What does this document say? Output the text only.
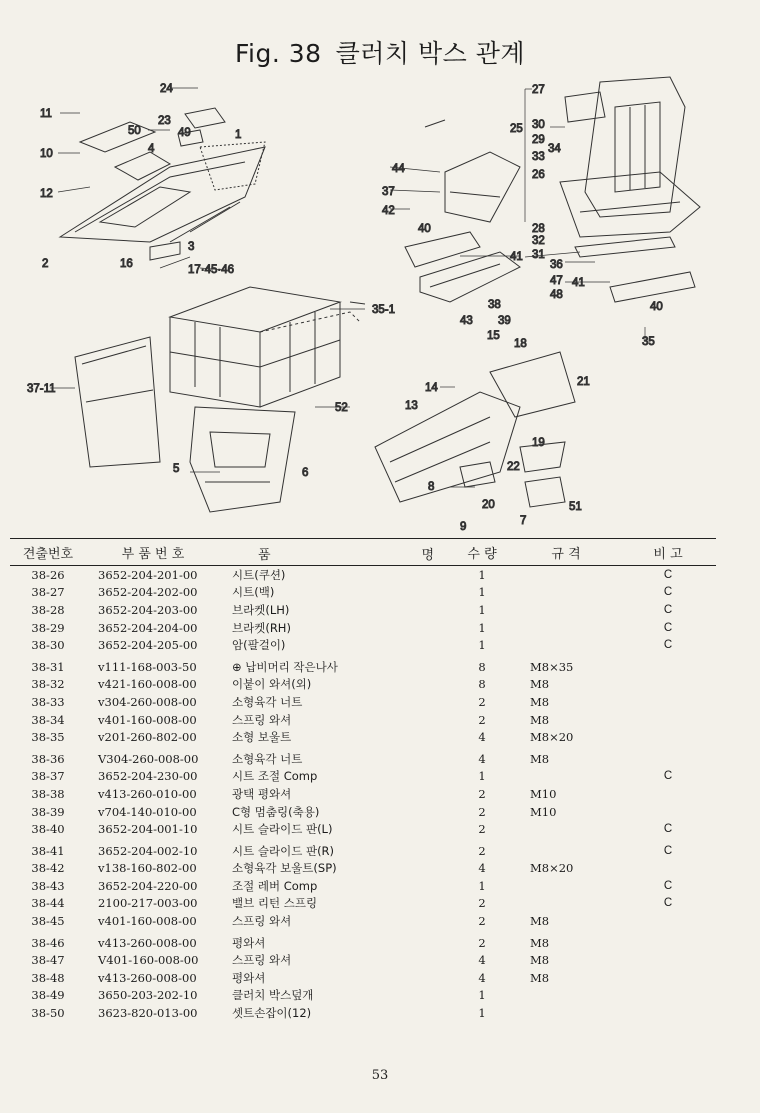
Fig. 38 클러치 박스 관계
24
23
11
50	49	1
10	4
12
2
3
16	17·45·46
44
37
42
40
41
35-1
43
38
39
27
25 30
29
34
33
26
28
32
31
36
47
48
41
40
35
15
18
14	21
13
52
37-11
5	6
19
22
8
20
9	7
51
견출번호	부 품 번 호	품 명	수 량	규 격	비 고
38-26	3652-204-201-00	시트(쿠션)	1		C
38-27	3652-204-202-00	시트(백)	1		C
38-28	3652-204-203-00	브라켓(LH)	1		C
38-29	3652-204-204-00	브라켓(RH)	1		C
38-30	3652-204-205-00	암(팔걸이)	1		C
38-31	v111-168-003-50	⊕ 납비머리 작은나사	8	M8×35	
38-32	v421-160-008-00	이붙이 와셔(외)	8	M8	
38-33	v304-260-008-00	소형육각 너트	2	M8	
38-34	v401-160-008-00	스프링 와셔	2	M8	
38-35	v201-260-802-00	소형 보울트	4	M8×20	
38-36	V304-260-008-00	소형육각 너트	4	M8	
38-37	3652-204-230-00	시트 조절 Comp	1		C
38-38	v413-260-010-00	광택 평와셔	2	M10	
38-39	v704-140-010-00	C형 멈춤링(축용)	2	M10	
38-40	3652-204-001-10	시트 슬라이드 판(L)	2		C
38-41	3652-204-002-10	시트 슬라이드 판(R)	2		C
38-42	v138-160-802-00	소형육각 보울트(SP)	4	M8×20	
38-43	3652-204-220-00	조절 레버 Comp	1		C
38-44	2100-217-003-00	밸브 리턴 스프링	2		C
38-45	v401-160-008-00	스프링 와셔	2	M8	
38-46	v413-260-008-00	평와셔	2	M8	
38-47	V401-160-008-00	스프링 와셔	4	M8	
38-48	v413-260-008-00	평와셔	4	M8	
38-49	3650-203-202-10	클러치 박스덮개	1		
38-50	3623-820-013-00	셋트손잡이(12)	1		
53
